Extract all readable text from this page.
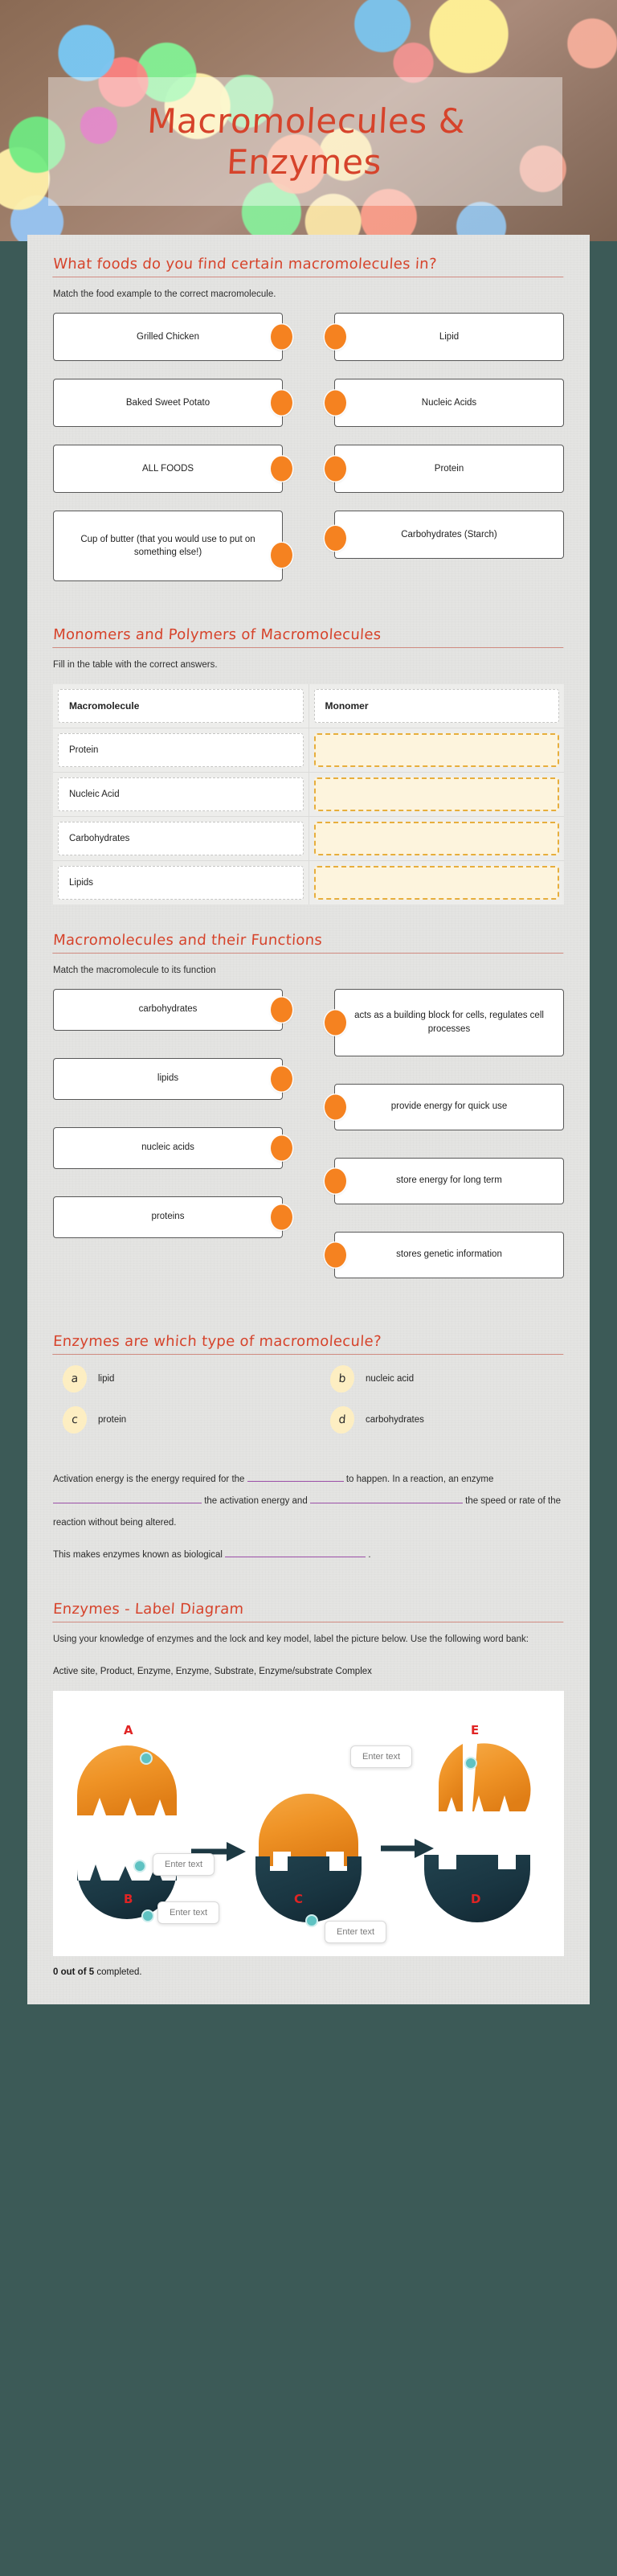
Macromolecules &
Enzymes
What foods do you find certain macromolecules in?
Match the food example to the correct macromolecule.
Grilled Chicken
Baked Sweet Potato
ALL FOODS
Cup of butter (that you would use to put on something else!)
Lipid
Nucleic Acids
Protein
Carbohydrates (Starch)
Monomers and Polymers of Macromolecules
Fill in the table with the correct answers.
Macromolecule	Monomer

Protein	

Nucleic Acid	

Carbohydrates	

Lipids	

Macromolecules and their Functions
Match the macromolecule to its function
carbohydrates
lipids
nucleic acids
proteins
acts as a building block for cells, regulates cell processes
provide energy for quick use
store energy for long term
stores genetic information
Enzymes are which type of macromolecule?
a	lipid	b	nucleic acid
c	protein	d	carbohydrates
Activation energy is the energy required for the	to happen. In a reaction, an enzyme  the activation energy and	the speed or rate of the reaction without being altered.
This makes enzymes known as biological	.
Enzymes - Label Diagram
Using your knowledge of enzymes and the lock and key model, label the picture below. Use the following word bank:
Active site, Product, Enzyme, Enzyme, Substrate, Enzyme/substrate Complex
A
B	C	D
E
Enter text
Enter text
Enter text
Enter text
0 out of 5 completed.
